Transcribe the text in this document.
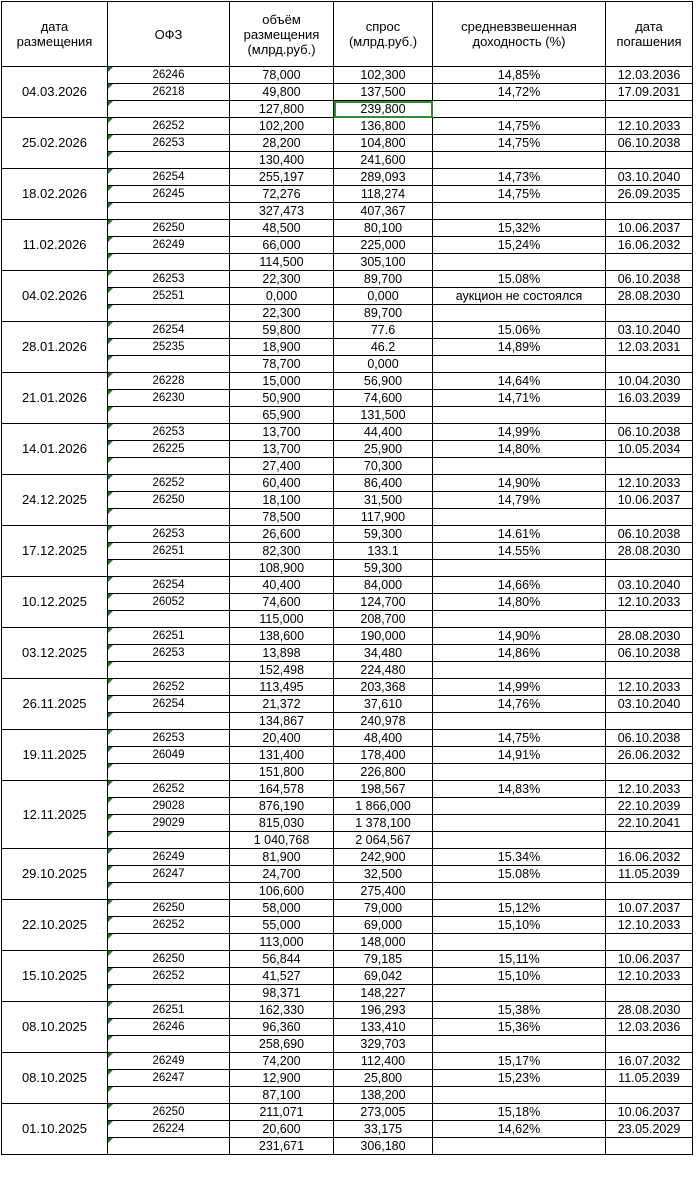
дата размещения	ОФЗ	объём размещения (млрд.руб.)	спрос (млрд.руб.)	средневзвешенная доходность (%)	дата погашения
04.03.2026	26246	78,000	102,300	14,85%	12.03.2036
	26218	49,800	137,500	14,72%	17.09.2031
		127,800	239,800		
25.02.2026	26252	102,200	136,800	14,75%	12.10.2033
	26253	28,200	104,800	14,75%	06.10.2038
		130,400	241,600		
18.02.2026	26254	255,197	289,093	14,73%	03.10.2040
	26245	72,276	118,274	14,75%	26.09.2035
		327,473	407,367		
11.02.2026	26250	48,500	80,100	15,32%	10.06.2037
	26249	66,000	225,000	15,24%	16.06.2032
		114,500	305,100		
04.02.2026	26253	22,300	89,700	15.08%	06.10.2038
	25251	0,000	0,000	аукцион не состоялся	28.08.2030
		22,300	89,700		
28.01.2026	26254	59,800	77.6	15.06%	03.10.2040
	25235	18,900	46.2	14,89%	12.03.2031
		78,700	0,000		
21.01.2026	26228	15,000	56,900	14,64%	10.04.2030
	26230	50,900	74,600	14,71%	16.03.2039
		65,900	131,500		
14.01.2026	26253	13,700	44,400	14,99%	06.10.2038
	26225	13,700	25,900	14,80%	10.05.2034
		27,400	70,300		
24.12.2025	26252	60,400	86,400	14,90%	12.10.2033
	26250	18,100	31,500	14,79%	10.06.2037
		78,500	117,900		
17.12.2025	26253	26,600	59,300	14.61%	06.10.2038
	26251	82,300	133.1	14.55%	28.08.2030
		108,900	59,300		
10.12.2025	26254	40,400	84,000	14,66%	03.10.2040
	26052	74,600	124,700	14,80%	12.10.2033
		115,000	208,700		
03.12.2025	26251	138,600	190,000	14,90%	28.08.2030
	26253	13,898	34,480	14,86%	06.10.2038
		152,498	224,480		
26.11.2025	26252	113,495	203,368	14,99%	12.10.2033
	26254	21,372	37,610	14,76%	03.10.2040
		134,867	240,978		
19.11.2025	26253	20,400	48,400	14,75%	06.10.2038
	26049	131,400	178,400	14,91%	26.06.2032
		151,800	226,800		
12.11.2025	26252	164,578	198,567	14,83%	12.10.2033
	29028	876,190	1 866,000		22.10.2039
	29029	815,030	1 378,100		22.10.2041
		1 040,768	2 064,567		
29.10.2025	26249	81,900	242,900	15.34%	16.06.2032
	26247	24,700	32,500	15.08%	11.05.2039
		106,600	275,400		
22.10.2025	26250	58,000	79,000	15,12%	10.07.2037
	26252	55,000	69,000	15,10%	12.10.2033
		113,000	148,000		
15.10.2025	26250	56,844	79,185	15,11%	10.06.2037
	26252	41,527	69,042	15,10%	12.10.2033
		98,371	148,227		
08.10.2025	26251	162,330	196,293	15,38%	28.08.2030
	26246	96,360	133,410	15,36%	12.03.2036
		258,690	329,703		
08.10.2025	26249	74,200	112,400	15,17%	16.07.2032
	26247	12,900	25,800	15,23%	11.05.2039
		87,100	138,200		
01.10.2025	26250	211,071	273,005	15,18%	10.06.2037
	26224	20,600	33,175	14,62%	23.05.2029
		231,671	306,180		
